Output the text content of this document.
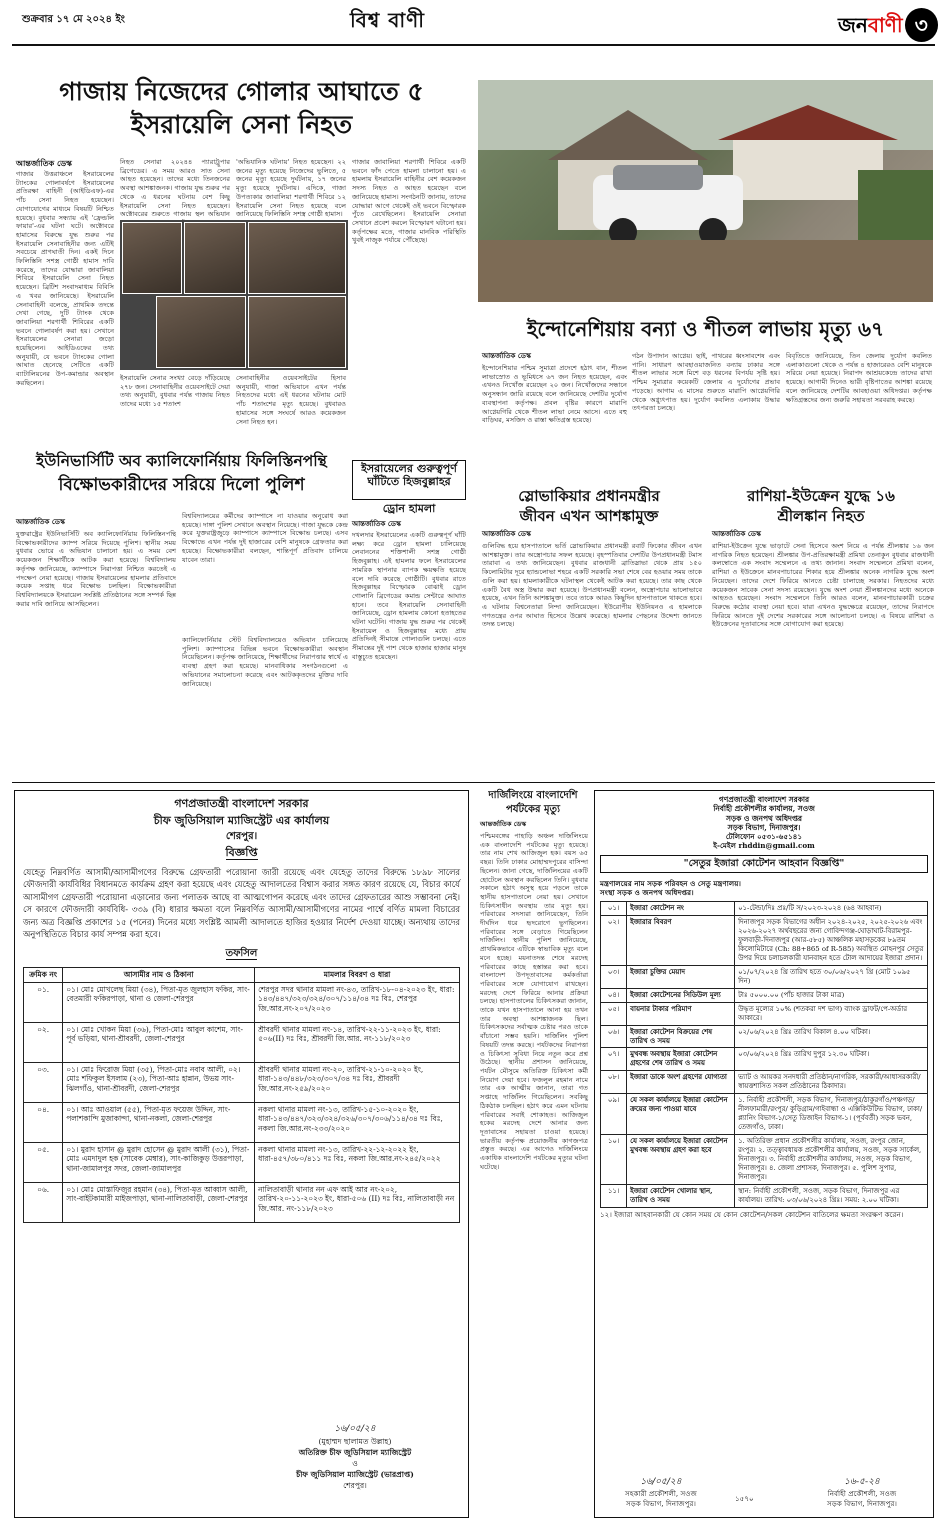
শুক্রবার ১৭ মে ২০২৪ ইং	বিশ্ব বাণী	জনবাণী ৩
গাজায় নিজেদের গোলার আঘাতে ৫
ইসরায়েলি সেনা নিহত
আন্তর্জাতিক ডেস্ক
গাজার উত্তরাঞ্চলে ইসরায়েলের ট্যাংকের গোলাবর্ষণে ইসরায়েলের প্রতিরক্ষা বাহিনী (আইডিএফ)-এর পাঁচ সেনা নিহত হয়েছেন। যোগাযোগের মাধ্যমে বিষয়টি নিশ্চিত হয়েছে। বুধবার সন্ধ্যায় এই 'ফ্রেন্ডলি ফায়ার'-এর ঘটনা ঘটে। অক্টোবরে হামাসের বিরুদ্ধে যুদ্ধ শুরুর পর ইসরায়েলি সেনাবাহিনীর জন্য এটিই সবচেয়ে প্রাণঘাতী দিন। একই দিনে ফিলিস্তিনি সশস্ত্র গোষ্ঠী হামাস দাবি করেছে, তাদের যোদ্ধারা জাবালিয়া শিবিরে ইসরায়েলি সেনা নিহত হয়েছেন। ব্রিটিশ সংবাদমাধ্যম বিবিসি এ খবর জানিয়েছে। ইসরায়েলি সেনাবাহিনী বলেছে, প্রাথমিক তদন্তে দেখা গেছে, দুটি ট্যাংক থেকে জাবালিয়া শরণার্থী শিবিরের একটি ভবনে গোলাবর্ষণ করা হয়। সেখানে ইসরায়েলের সেনারা জড়ো হয়েছিলেন। আইডিএফের তথ্য অনুযায়ী, যে ভবনে ট্যাংকের গোলা আঘাত হেনেছে সেটিতে একটি ব্যাটালিয়নের উপ-কমান্ডার অবস্থান করছিলেন।
নিহত সেনারা ২০২৪৪ প্যারাট্রুপার ব্রিগেডের। এ সময় আরও সাত সেনা আহত হয়েছেন। তাদের মধ্যে তিনজনের অবস্থা আশঙ্কাজনক। গাজায় যুদ্ধ শুরুর পর থেকে এ ধরনের ঘটনায় বেশ কিছু ইসরায়েলি সেনা নিহত হয়েছেন। অক্টোবরের শুরুতে গাজায় স্থল অভিযান
'অভিযানিক ঘটনায়' নিহত হয়েছেন। ২২ জনের মৃত্যু হয়েছে নিজেদের ভুলিতে, ৫ জনের মৃত্যু হয়েছে দুর্ঘটনায়, ১৭ জনের মৃত্যু হয়েছে দুর্ঘটনায়। এদিকে, গাজা উপত্যকার জাবালিয়া শরণার্থী শিবিরে ১২ ইসরায়েলি সেনা নিহত হয়েছে বলে জানিয়েছে ফিলিস্তিনি সশস্ত্র গোষ্ঠী হামাস।
গাজার জাবালিয়া শরণার্থী শিবিরে একটি ভবনে ফাঁদ পেতে হামলা চালানো হয়। এ হামলায় ইসরায়েলি বাহিনীর বেশ কয়েকজন সদস্য নিহত ও আহত হয়েছেন বলে জানিয়েছে হামাস। সংগঠনটি জানায়, তাদের যোদ্ধারা আগে থেকেই ওই ভবনে বিস্ফোরক পুঁতে রেখেছিলেন। ইসরায়েলি সেনারা সেখানে প্রবেশ করলে বিস্ফোরণ ঘটানো হয়। কর্তৃপক্ষের মতে, গাজার মানবিক পরিস্থিতি খুবই নাজুক পর্যায়ে পৌঁছেছে।
ইসরায়েলি সেনার সংখ্যা বেড়ে দাঁড়িয়েছে ২৭৮ জন। সেনাবাহিনীর ওয়েবসাইটে দেয়া তথ্য অনুযায়ী, বুধবার পর্যন্ত গাজায় নিহত তাদের মধ্যে ১৫ শতাংশ
সেনাবাহিনীর ওয়েবসাইটের হিসাব অনুযায়ী, গাজা অভিযানে এখন পর্যন্ত নিহতদের মধ্যে এই ধরনের ঘটনায় মোট পাঁচ শতাংশের মৃত্যু হয়েছে। বুধবারও হামাসের সঙ্গে সংঘর্ষে আরও কয়েকজন সেনা নিহত হন।
ইসরায়েলের গুরুত্বপূর্ণ
ঘাঁটিতে হিজবুল্লাহর
ড্রোন হামলা
আন্তর্জাতিক ডেস্ক
দখলদার ইসরায়েলের একটি গুরুত্বপূর্ণ ঘাঁটি লক্ষ্য করে ড্রোন হামলা চালিয়েছে লেবাননের শক্তিশালী সশস্ত্র গোষ্ঠী হিজবুল্লাহ। এই হামলার ফলে ইসরায়েলের সামরিক স্থাপনার ব্যাপক ক্ষয়ক্ষতি হয়েছে বলে দাবি করেছে গোষ্ঠীটি। বুধবার রাতে হিজবুল্লাহর বিস্ফোরক বোঝাই ড্রোন গোলানি ব্রিগেডের কমান্ড সেন্টারে আঘাত হানে। তবে ইসরায়েলি সেনাবাহিনী জানিয়েছে, ড্রোন হামলায় কোনো হতাহতের ঘটনা ঘটেনি। গাজায় যুদ্ধ শুরুর পর থেকেই ইসরায়েল ও হিজবুল্লাহর মধ্যে প্রায় প্রতিদিনই সীমান্তে গোলাগুলি চলছে। এতে সীমান্তের দুই পাশ থেকে হাজার হাজার মানুষ বাস্তুচ্যুত হয়েছেন।
ইউনিভার্সিটি অব ক্যালিফোর্নিয়ায় ফিলিস্তিনপন্থি
বিক্ষোভকারীদের সরিয়ে দিলো পুলিশ
আন্তর্জাতিক ডেস্ক
যুক্তরাষ্ট্রের ইউনিভার্সিটি অব ক্যালিফোর্নিয়ায় ফিলিস্তিনপন্থি বিক্ষোভকারীদের ক্যাম্প সরিয়ে দিয়েছে পুলিশ। স্থানীয় সময় বুধবার ভোরে এ অভিযান চালানো হয়। এ সময় বেশ কয়েকজন শিক্ষার্থীকে আটক করা হয়েছে। বিশ্ববিদ্যালয় কর্তৃপক্ষ জানিয়েছে, ক্যাম্পাসে নিরাপত্তা নিশ্চিত করতেই এ পদক্ষেপ নেয়া হয়েছে। গাজায় ইসরায়েলের হামলার প্রতিবাদে কয়েক সপ্তাহ ধরে বিক্ষোভ চলছিল। বিক্ষোভকারীরা বিশ্ববিদ্যালয়কে ইসরায়েল সংশ্লিষ্ট প্রতিষ্ঠানের সঙ্গে সম্পর্ক ছিন্ন করার দাবি জানিয়ে আসছিলেন।
বিশ্ববিদ্যালয়ের কর্মীদের ক্যাম্পাসে না যাওয়ার অনুরোধ করা হয়েছে। দাঙ্গা পুলিশ সেখানে অবস্থান নিয়েছে। গাজা যুদ্ধকে কেন্দ্র করে যুক্তরাষ্ট্রজুড়ে ক্যাম্পাসে ক্যাম্পাসে বিক্ষোভ চলছে। এসব বিক্ষোভে এখন পর্যন্ত দুই হাজারের বেশি মানুষকে গ্রেফতার করা হয়েছে। বিক্ষোভকারীরা বলছেন, শান্তিপূর্ণ প্রতিবাদ চালিয়ে যাবেন তারা।
ক্যালিফোর্নিয়ার স্টেট বিশ্ববিদ্যালয়েও অভিযান চালিয়েছে পুলিশ। ক্যাম্পাসের বিভিন্ন ভবনে বিক্ষোভকারীরা অবস্থান নিয়েছিলেন। কর্তৃপক্ষ জানিয়েছে, শিক্ষার্থীদের নিরাপত্তার স্বার্থে এ ব্যবস্থা গ্রহণ করা হয়েছে। মানবাধিকার সংগঠনগুলো এ অভিযানের সমালোচনা করেছে এবং আটককৃতদের মুক্তির দাবি জানিয়েছে।
ইন্দোনেশিয়ায় বন্যা ও শীতল লাভায় মৃত্যু ৬৭
আন্তর্জাতিক ডেস্ক
ইন্দোনেশিয়ার পশ্চিম সুমাত্রা প্রদেশে হঠাৎ বান, শীতল লাভাস্রোত ও ভূমিধসে ৬৭ জন নিহত হয়েছেন, এবং এখনও নিখোঁজ রয়েছেন ২০ জন। নিখোঁজদের সন্ধানে অনুসন্ধান জারি রয়েছে বলে জানিয়েছে দেশটির দুর্যোগ ব্যবস্থাপনা কর্তৃপক্ষ। প্রবল বৃষ্টির কারণে মারাপি আগ্নেয়গিরি থেকে শীতল লাভা নেমে আসে। এতে বহু বাড়িঘর, মসজিদ ও রাস্তা ক্ষতিগ্রস্ত হয়েছে।
গঠন উপাদান আগ্নেয়। ছাই, পাথরের ধ্বংসাবশেষ এবং পানি। সাধারণ আবহাওয়াজনিত বন্যায় ঢাকার সঙ্গে শীতল লাভার সঙ্গে মিশে বড় ধরনের বিপর্যয় সৃষ্টি হয়। পশ্চিম সুমাত্রার কয়েকটি জেলায় এ দুর্যোগের প্রভাব পড়েছে। আগাম এ মাসের শুরুতে মারাপি আগ্নেয়গিরি থেকে অগ্ন্যুৎপাত হয়। দুর্যোগ কবলিত এলাকায় উদ্ধার তৎপরতা চলছে।
বিবৃতিতে জানিয়েছে, তিন জেলায় দুর্যোগ কবলিত এলাকাগুলো থেকে ও পর্যন্ত ৪ হাজারেরও বেশি মানুষকে সরিয়ে নেয়া হয়েছে। নিরাপদ আশ্রয়কেন্দ্রে তাদের রাখা হয়েছে। আগামী দিনেও ভারী বৃষ্টিপাতের আশঙ্কা রয়েছে বলে জানিয়েছে দেশটির আবহাওয়া অধিদপ্তর। কর্তৃপক্ষ ক্ষতিগ্রস্তদের জন্য জরুরি সহায়তা সরবরাহ করছে।
স্লোভাকিয়ার প্রধানমন্ত্রীর
জীবন এখন আশঙ্কামুক্ত
আন্তর্জাতিক ডেস্ক
গুলিবিদ্ধ হয়ে হাসপাতালে ভর্তি স্লোভাকিয়ার প্রধানমন্ত্রী রবার্ট ফিকোর জীবন এখন আশঙ্কামুক্ত। তার অস্ত্রোপচার সফল হয়েছে। বৃহস্পতিবার দেশটির উপপ্রধানমন্ত্রী টমাস তারাবা এ তথ্য জানিয়েছেন। বুধবার রাজধানী ব্রাতিস্লাভা থেকে প্রায় ১৫০ কিলোমিটার দূরে হ্যান্ডলোভা শহরে একটি সরকারি সভা শেষে বের হওয়ার সময় তাকে গুলি করা হয়। হামলাকারীকে ঘটনাস্থল থেকেই আটক করা হয়েছে। তার কাছ থেকে একটি বৈধ অস্ত্র উদ্ধার করা হয়েছে। উপপ্রধানমন্ত্রী বলেন, অস্ত্রোপচার ভালোভাবে হয়েছে, এখন তিনি আশঙ্কামুক্ত। তবে তাকে আরও কিছুদিন হাসপাতালে থাকতে হবে। এ ঘটনায় বিশ্বনেতারা নিন্দা জানিয়েছেন। ইউরোপীয় ইউনিয়নও এ হামলাকে গণতন্ত্রের ওপর আঘাত হিসেবে উল্লেখ করেছে। হামলার পেছনের উদ্দেশ্য জানতে তদন্ত চলছে।
রাশিয়া-ইউক্রেন যুদ্ধে ১৬
শ্রীলঙ্কান নিহত
আন্তর্জাতিক ডেস্ক
রাশিয়া-ইউক্রেন যুদ্ধে ভাড়াটে সেনা হিসেবে অংশ নিয়ে এ পর্যন্ত শ্রীলঙ্কার ১৬ জন নাগরিক নিহত হয়েছেন। শ্রীলঙ্কার উপ-প্রতিরক্ষামন্ত্রী প্রমিথা তেনাকুন বুধবার রাজধানী কলম্বোতে এক সংবাদ সম্মেলনে এ তথ্য জানান। সংবাদ সম্মেলনে প্রমিথা বলেন, রাশিয়া ও ইউক্রেনে মানবপাচারের শিকার হয়ে শ্রীলঙ্কার অনেক নাগরিক যুদ্ধে অংশ নিয়েছেন। তাদের দেশে ফিরিয়ে আনতে চেষ্টা চালাচ্ছে সরকার। নিহতদের মধ্যে কয়েকজন সাবেক সেনা সদস্য রয়েছেন। যুদ্ধে অংশ নেয়া শ্রীলঙ্কানদের মধ্যে অনেকে আহতও হয়েছেন। সংবাদ সম্মেলনে তিনি আরও বলেন, মানবপাচারকারী চক্রের বিরুদ্ধে কঠোর ব্যবস্থা নেয়া হবে। যারা এখনও যুদ্ধক্ষেত্রে রয়েছেন, তাদের নিরাপদে ফিরিয়ে আনতে দুই দেশের সরকারের সঙ্গে আলোচনা চলছে। এ বিষয়ে রাশিয়া ও ইউক্রেনের দূতাবাসের সঙ্গে যোগাযোগ করা হয়েছে।
গণপ্রজাতন্ত্রী বাংলাদেশ সরকার
চীফ জুডিসিয়াল ম্যাজিস্ট্রেট এর কার্যালয়
শেরপুর।
বিজ্ঞপ্তি
যেহেতু নিম্নবর্ণিত আসামী/আসামীগণের বিরুদ্ধে গ্রেফতারী পরোয়ানা জারী রয়েছে এবং যেহেতু তাদের বিরুদ্ধে ১৮৯৮ সালের ফৌজদারী কার্যবিধির বিধানমতে কার্যক্রম গ্রহণ করা হয়েছে এবং যেহেতু আদালতের বিশ্বাস করার সঙ্গত কারণ রয়েছে যে, বিচার কার্যে আসামীগণ গ্রেফতারী পরোয়ানা এড়ানোর জন্য পলাতক আছে বা আত্মগোপন করেছে এবং তাদের গ্রেফতারের আশু সম্ভাবনা নেই। সে কারণে ফৌজদারী কার্যবিধি- ৩৩৯ (বি) ধারার ক্ষমতা বলে নিম্নবর্ণিত আসামী/আসামীগণের নামের পার্শ্বে বর্ণিত মামলা বিচারের জন্য অত্র বিজ্ঞপ্তি প্রকাশের ১৫ (পনের) দিনের মধ্যে সংশ্লিষ্ট আমলী আদালতে হাজির হওয়ার নির্দেশ দেওয়া যাচ্ছে। অন্যথায় তাদের অনুপস্থিতিতে বিচার কার্য সম্পন্ন করা হবে।
তফসিল
ক্রমিক নং	আসামীর নাম ও ঠিকানা	মামলার বিবরণ ও ধারা
০১.	০১। মোঃ মোখলেছ মিয়া (৩৪), পিতা-মৃত জুলহাস ফকির, সাং-বেতমারী ফকিরপাড়া, থানা ও জেলা-শেরপুর	শেরপুর সদর থানার মামলা নং-৪৩, তারিখ-১৮-০৪-২০২৩ ইং, ধারা: ১৪৩/৪৪৭/৩২৩/৩২৪/৩০৭/১১৪/৩৪ দঃ বিঃ, শেরপুর জি.আর.নং-২০৭/২০২৩
০২.	০১। মোঃ খোকন মিয়া (৩৬), পিতা-মোঃ আবুল কাশেম, সাং-পূর্ব ভড়িয়া, থানা-শ্রীবরদী, জেলা-শেরপুর	শ্রীবরদী থানার মামলা নং-১৪, তারিখ-২২-১১-২০২৩ ইং, ধারা: ৫০৬(II) দঃ বিঃ, শ্রীবরদী জি.আর. নং-১১৮/২০২৩
০৩.	০১। মোঃ ফিরোজ মিয়া (৩৫), পিতা-মোঃ নবাব আলী, ০২। মোঃ শফিকুল ইসলাম (২৩), পিতা-আঃ হান্নান, উভয় সাং-ঝিলগাঁও, থানা-শ্রীবরদী, জেলা-শেরপুর	শ্রীবরদী থানার মামলা নং-২০, তারিখ-২১-১০-২০২০ ইং, ধারা-১৪৩/৪৪৮/৩২৩/৩০৭/৩৪ দঃ বিঃ, শ্রীবরদী জি.আর.নং-২৫৯/২০২০
০৪.	০১। আঃ আওয়াল (৫৫), পিতা-মৃত ফয়েজ উদ্দিন, সাং-পলাশকান্দি মুজাকান্দা, থানা-নকলা, জেলা-শেরপুর	নকলা থানার মামলা নং-১৩, তারিখ-১৫-১০-২০২০ ইং, ধারা-১৪৩/৪৪৭/৩২৩/৩২৪/৩২৬/৩০৭/৩০৬/১১৪/৩৪ দঃ বিঃ, নকলা জি.আর.নং-২৩৩/২০২০
০৫.	০১। মুরাদ হাসান @ মুরাদ হোসেন @ মুরাদ আলী (৩১), পিতা-মোঃ এমদাদুল হক (সাবেক মেম্বার), সাং-কাজিকুড় উত্তরপাড়া, থানা-জামালপুর সদর, জেলা-জামালপুর	নকলা থানার মামলা নং-১৩, তারিখ-২২-১২-২০২২ ইং, ধারা-৪৫৭/৩৮০/৪১১ দঃ বিঃ, নকলা জি.আর.নং-২৪৫/২০২২
০৬.	০১। মোঃ মোস্তাফিজুর রহমান (৩৪), পিতা-মৃত আব্বাস আলী, সাং-বাইটকামারী মাইজপাড়া, থানা-নালিতাবাড়ী, জেলা-শেরপুর	নালিতাবাড়ী থানার নন এফ আই আর নং-২০২, তারিখ-২০-১১-২০২৩ ইং, ধারা-৫০৬ (II) দঃ বিঃ, নালিতাবাড়ী নন জি.আর. নং-১১৮/২০২৩
১৬/০৫/২৪
(মুহাম্মদ ছালামত উল্লাহ)
অতিরিক্ত চীফ জুডিসিয়াল ম্যাজিস্ট্রেট
ও
চীফ জুডিসিয়াল ম্যাজিস্ট্রেট (ভারপ্রাপ্ত)
শেরপুর।
দার্জিলিংয়ে বাংলাদেশি
পর্যটকের মৃত্যু
আন্তর্জাতিক ডেস্ক
পশ্চিমবঙ্গের পাহাড়ি অঞ্চল দার্জিলিংয়ে এক বাংলাদেশি পর্যটকের মৃত্যু হয়েছে। তার নাম শেখ আজিজুল হক। বয়স ৬৫ বছর। তিনি ঢাকার মোহাম্মদপুরের বাসিন্দা ছিলেন। জানা গেছে, দার্জিলিংয়ের একটি হোটেলে অবস্থান করছিলেন তিনি। বুধবার সকালে হঠাৎ অসুস্থ হয়ে পড়লে তাকে স্থানীয় হাসপাতালে নেয়া হয়। সেখানে চিকিৎসাধীন অবস্থায় তার মৃত্যু হয়। পরিবারের সদস্যরা জানিয়েছেন, তিনি দীর্ঘদিন ধরে হৃদরোগে ভুগছিলেন। পরিবারের সঙ্গে বেড়াতে গিয়েছিলেন দার্জিলিং। স্থানীয় পুলিশ জানিয়েছে, প্রাথমিকভাবে এটিকে স্বাভাবিক মৃত্যু বলে মনে হচ্ছে। ময়নাতদন্ত শেষে মরদেহ পরিবারের কাছে হস্তান্তর করা হবে। বাংলাদেশ উপদূতাবাসের কর্মকর্তারা পরিবারের সঙ্গে যোগাযোগ রাখছেন। মরদেহ দেশে ফিরিয়ে আনার প্রক্রিয়া চলছে। হাসপাতালের চিকিৎসকরা জানান, তাকে যখন হাসপাতালে আনা হয় তখন তার অবস্থা আশঙ্কাজনক ছিল। চিকিৎসকদের সর্বাত্মক চেষ্টার পরও তাকে বাঁচানো সম্ভব হয়নি। দার্জিলিং পুলিশ বিষয়টি তদন্ত করছে। পর্যটকদের নিরাপত্তা ও চিকিৎসা সুবিধা নিয়ে নতুন করে প্রশ্ন উঠেছে। স্থানীয় প্রশাসন জানিয়েছে, পর্যটন মৌসুমে অতিরিক্ত চিকিৎসা কর্মী নিয়োগ দেয়া হবে। ফজলুল রহমান নামে তার এক আত্মীয় জানান, তারা গত সপ্তাহে দার্জিলিং গিয়েছিলেন। সবকিছু ঠিকঠাক চলছিল। হঠাৎ করে এমন ঘটনায় পরিবারের সবাই শোকাহত। আজিজুল হকের মরদেহ দেশে আনার জন্য দূতাবাসের সহায়তা চাওয়া হয়েছে। ভারতীয় কর্তৃপক্ষ প্রয়োজনীয় কাগজপত্র প্রস্তুত করছে। এর আগেও দার্জিলিংয়ে একাধিক বাংলাদেশি পর্যটকের মৃত্যুর ঘটনা ঘটেছে।
গণপ্রজাতন্ত্রী বাংলাদেশ সরকার
নির্বাহী প্রকৌশলীর কার্যালয়, সওজ
সড়ক ও জনপথ অধিদপ্তর
সড়ক বিভাগ, দিনাজপুর।
টেলিফোন ০৫৩১-৬৫১৪১
ই-মেইল rhddin@gmail.com
"সেতুর ইজারা কোটেশন আহবান বিজ্ঞপ্তি"
মন্ত্রণালয়ের নাম সড়ক পরিবহন ও সেতু মন্ত্রণালয়।
সংস্থা সড়ক ও জনপথ অধিদপ্তর।
০১।	ইজারা কোটেশন নং	০১-টেন্ডা/দিঃ প্রঃ/টি স/২০২৩-২০২৪ (৬৪ আহবান)
০২।	ইজারার বিবরণ	দিনাজপুর সড়ক বিভাগের অধীন ২০২৪-২০২৫, ২০২৫-২০২৬ এবং ২০২৬-২০২৭ অর্থবছরের জন্য গোবিন্দগঞ্জ-ঘোড়াঘাট-বিরামপুর-ফুলবাড়ী-দিনাজপুর (আর-৫৮৫) আঞ্চলিক মহাসড়কের ৮৯তম কিলোমিটারে (Ch: 88+865 of R-585) অবস্থিত মোহনপুর সেতুর উপর দিয়ে চলাচলকারী যানবাহন হতে টোল আদায়ের ইজারা প্রদান।
০৩।	ইজারা চুক্তির মেয়াদ	০১/০৭/২০২৪ খ্রি তারিখ হতে ৩০/০৬/২০২৭ খ্রি (মোট ১০৯৫ দিন)
০৪।	ইজারা কোটেশনের সিডিউল মূল্য	টাঃ ৫০০০.০০ (পাঁচ হাজার টাকা মাত্র)
০৫।	বায়নার টাকার পরিমাণ	উদ্ধৃত মূল্যের ১০% (শতকরা দশ ভাগ) ব্যাংক ড্রাফট/পে-অর্ডার আকারে।
০৬।	ইজারা কোটেশন বিক্রয়ের শেষ তারিখ ও সময়	০২/০৬/২০২৪ খ্রিঃ তারিখ বিকাল ৪.০০ ঘটিকা।
০৭।	মুখবন্ধ অবস্থায় ইজারা কোটেশন গ্রহণের শেষ তারিখ ও সময়	০৩/০৬/২০২৪ খ্রিঃ তারিখ দুপুর ১২.৩০ ঘটিকা।
০৮।	ইজারা ডাকে অংশ গ্রহণের যোগ্যতা	ভ্যাট ও আয়কর সনদধারী প্রতিষ্ঠান/নাগরিক, সরকারী/আধাসরকারী/স্বায়ত্তশাসিত সকল প্রতিষ্ঠানের ঠিকাদার।
০৯।	যে সকল কার্যালয়ে ইজারা কোটেশন ক্রয়ের জন্য পাওয়া যাবে	১. নির্বাহী প্রকৌশলী, সড়ক বিভাগ, দিনাজপুর/ঠাকুরগাঁও/পঞ্চগড়/নীলফামারী/রংপুর/ কুড়িগ্রাম/গাইবান্ধা ও এক্সিকিউটিভ বিভাগ, ঢাকা/প্ল্যানিং বিভাগ-১/সেতু ডিজাইন বিভাগ-১। (পূর্ববর্তী) সড়ক ভবন, তেজগাঁও, ঢাকা।
১০।	যে সকল কার্যালয়ে ইজারা কোটেশন মুখবন্ধ অবস্থায় গ্রহণ করা হবে	১. অতিরিক্ত প্রধান প্রকৌশলীর কার্যালয়, সওজ, রংপুর জোন, রংপুর। ২. তত্ত্বাবধায়ক প্রকৌশলীর কার্যালয়, সওজ, সড়ক সার্কেল, দিনাজপুর। ৩. নির্বাহী প্রকৌশলীর কার্যালয়, সওজ, সড়ক বিভাগ, দিনাজপুর। ৪. জেলা প্রশাসক, দিনাজপুর। ৫. পুলিশ সুপার, দিনাজপুর।
১১।	ইজারা কোটেশন খোলার স্থান, তারিখ ও সময়	স্থান: নির্বাহী প্রকৌশলী, সওজ, সড়ক বিভাগ, দিনাজপুর এর কার্যালয়। তারিখ: ০৩/০৬/২০২৪ খ্রিঃ। সময়: ২.০০ ঘটিকা।
১২। ইজারা আহবানকারী যে কোন সময় যে কোন কোটেশন/সকল কোটেশন বাতিলের ক্ষমতা সংরক্ষণ করেন।
১৬/০৫/২৪
সহকারী প্রকৌশলী, সওজ
সড়ক বিভাগ, দিনাজপুর।
১৫৭০
১৬-৫-২৪
নির্বাহী প্রকৌশলী, সওজ
সড়ক বিভাগ, দিনাজপুর।
